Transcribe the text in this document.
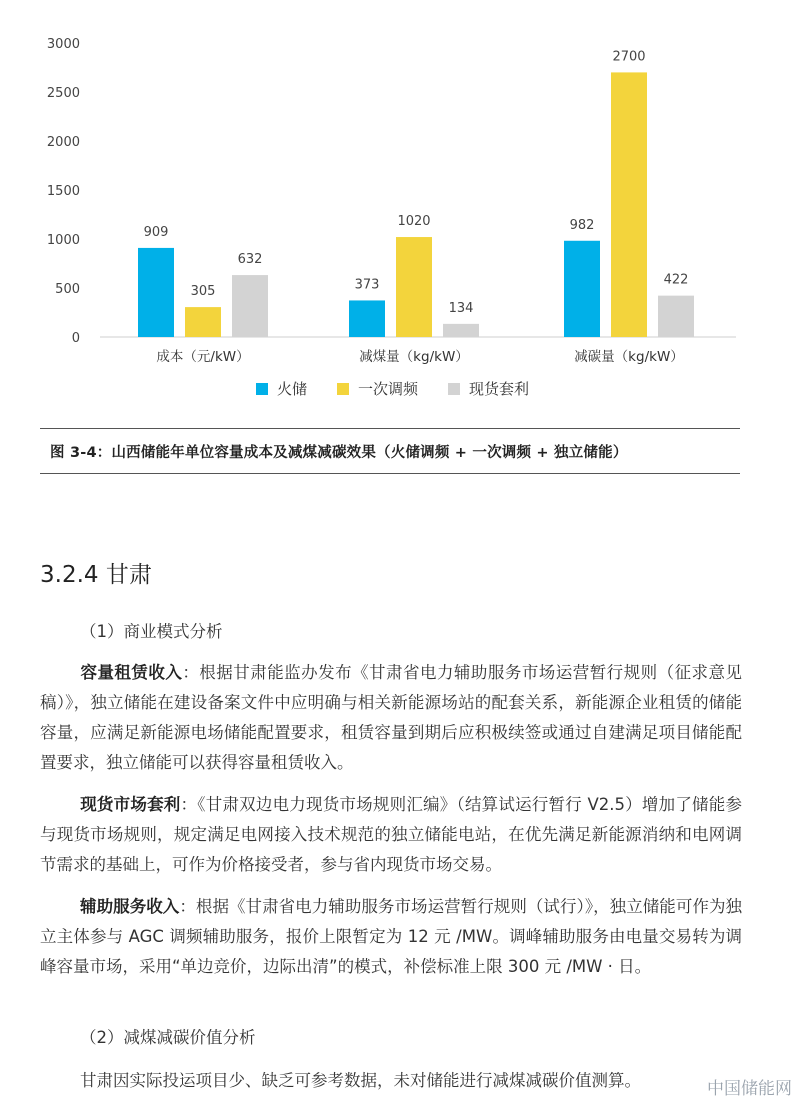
0
500
1000
1500
2000
2500
3000
909
305
632
373
1020
134
982
2700
422
成本（元/kW）	减煤量（kg/kW）	减碳量（kg/kW）
火储	一次调频	现货套利
图 3-4：山西储能年单位容量成本及减煤减碳效果（火储调频 + 一次调频 + 独立储能）
3.2.4 甘肃
（1）商业模式分析
容量租赁收入：根据甘肃能监办发布《甘肃省电力辅助服务市场运营暂行规则（征求意见稿）》，独立储能在建设备案文件中应明确与相关新能源场站的配套关系，新能源企业租赁的储能容量，应满足新能源电场储能配置要求，租赁容量到期后应积极续签或通过自建满足项目储能配置要求，独立储能可以获得容量租赁收入。
现货市场套利：《甘肃双边电力现货市场规则汇编》（结算试运行暂行 V2.5）增加了储能参与现货市场规则，规定满足电网接入技术规范的独立储能电站，在优先满足新能源消纳和电网调节需求的基础上，可作为价格接受者，参与省内现货市场交易。
辅助服务收入：根据《甘肃省电力辅助服务市场运营暂行规则（试行）》，独立储能可作为独立主体参与 AGC 调频辅助服务，报价上限暂定为 12 元 /MW。调峰辅助服务由电量交易转为调峰容量市场，采用“单边竞价，边际出清”的模式，补偿标准上限 300 元 /MW · 日。
（2）减煤减碳价值分析
甘肃因实际投运项目少、缺乏可参考数据，未对储能进行减煤减碳价值测算。	中国储能网
